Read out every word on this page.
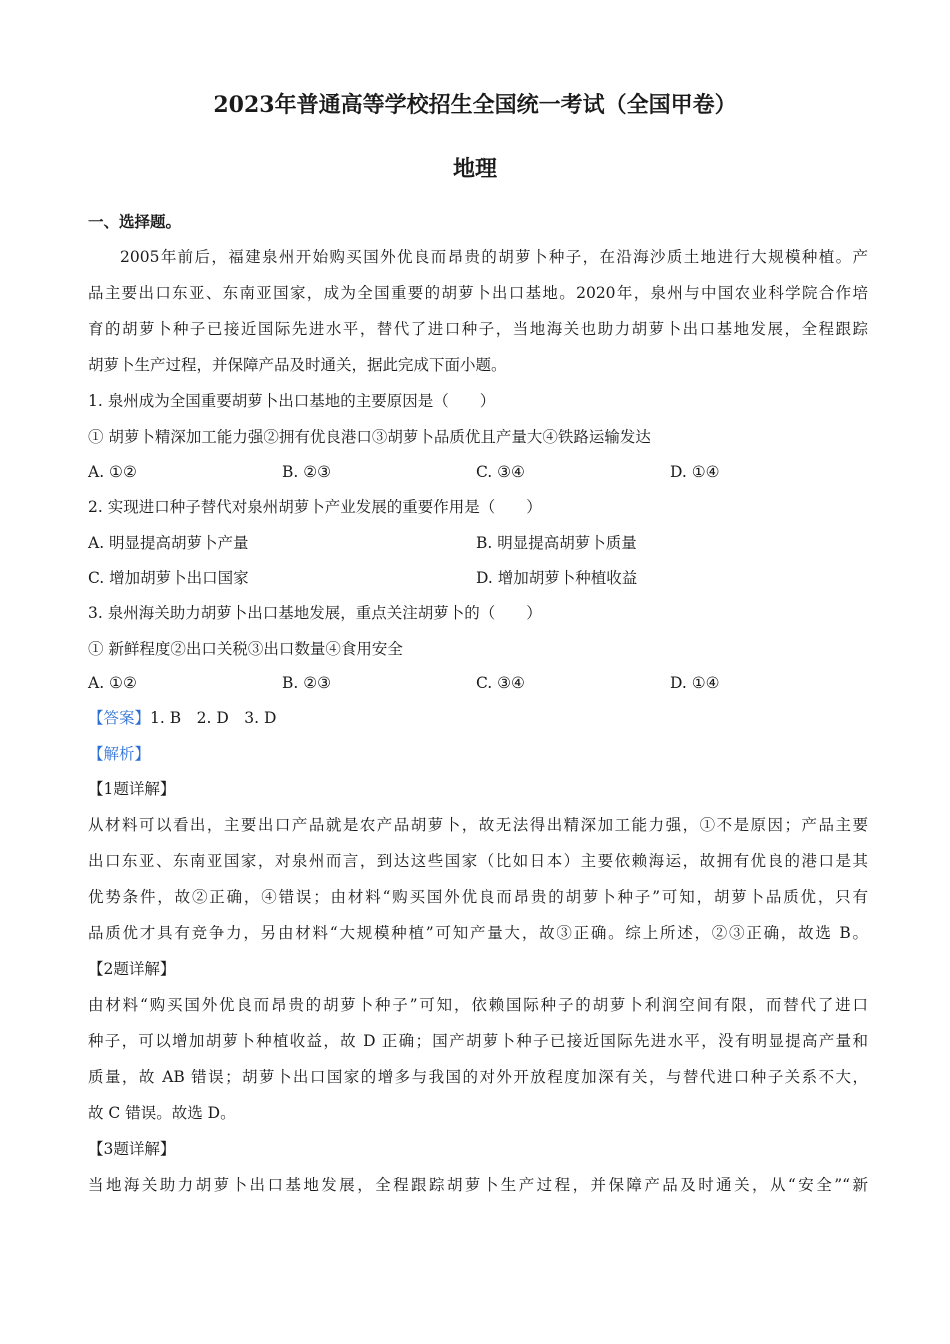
2023年普通高等学校招生全国统一考试（全国甲卷）
地理
一、选择题。
2005年前后，福建泉州开始购买国外优良而昂贵的胡萝卜种子，在沿海沙质土地进行大规模种植。产
品主要出口东亚、东南亚国家，成为全国重要的胡萝卜出口基地。2020年，泉州与中国农业科学院合作培
育的胡萝卜种子已接近国际先进水平，替代了进口种子，当地海关也助力胡萝卜出口基地发展，全程跟踪
胡萝卜生产过程，并保障产品及时通关，据此完成下面小题。
1. 泉州成为全国重要胡萝卜出口基地的主要原因是（　　）
① 胡萝卜精深加工能力强②拥有优良港口③胡萝卜品质优且产量大④铁路运输发达
A. ①②	B. ②③	C. ③④	D. ①④
2. 实现进口种子替代对泉州胡萝卜产业发展的重要作用是（　　）
A. 明显提高胡萝卜产量	B. 明显提高胡萝卜质量
C. 增加胡萝卜出口国家	D. 增加胡萝卜种植收益
3. 泉州海关助力胡萝卜出口基地发展，重点关注胡萝卜的（　　）
① 新鲜程度②出口关税③出口数量④食用安全
A. ①②	B. ②③	C. ③④	D. ①④
【答案】1. B　2. D　3. D
【解析】
【1题详解】
从材料可以看出，主要出口产品就是农产品胡萝卜，故无法得出精深加工能力强，①不是原因；产品主要
出口东亚、东南亚国家，对泉州而言，到达这些国家（比如日本）主要依赖海运，故拥有优良的港口是其
优势条件，故②正确，④错误；由材料“购买国外优良而昂贵的胡萝卜种子”可知，胡萝卜品质优，只有
品质优才具有竞争力，另由材料“大规模种植”可知产量大，故③正确。综上所述，②③正确，故选 B。
【2题详解】
由材料“购买国外优良而昂贵的胡萝卜种子”可知，依赖国际种子的胡萝卜利润空间有限，而替代了进口
种子，可以增加胡萝卜种植收益，故 D 正确；国产胡萝卜种子已接近国际先进水平，没有明显提高产量和
质量，故 AB 错误；胡萝卜出口国家的增多与我国的对外开放程度加深有关，与替代进口种子关系不大，
故 C 错误。故选 D。
【3题详解】
当地海关助力胡萝卜出口基地发展，全程跟踪胡萝卜生产过程，并保障产品及时通关，从“安全”“新
